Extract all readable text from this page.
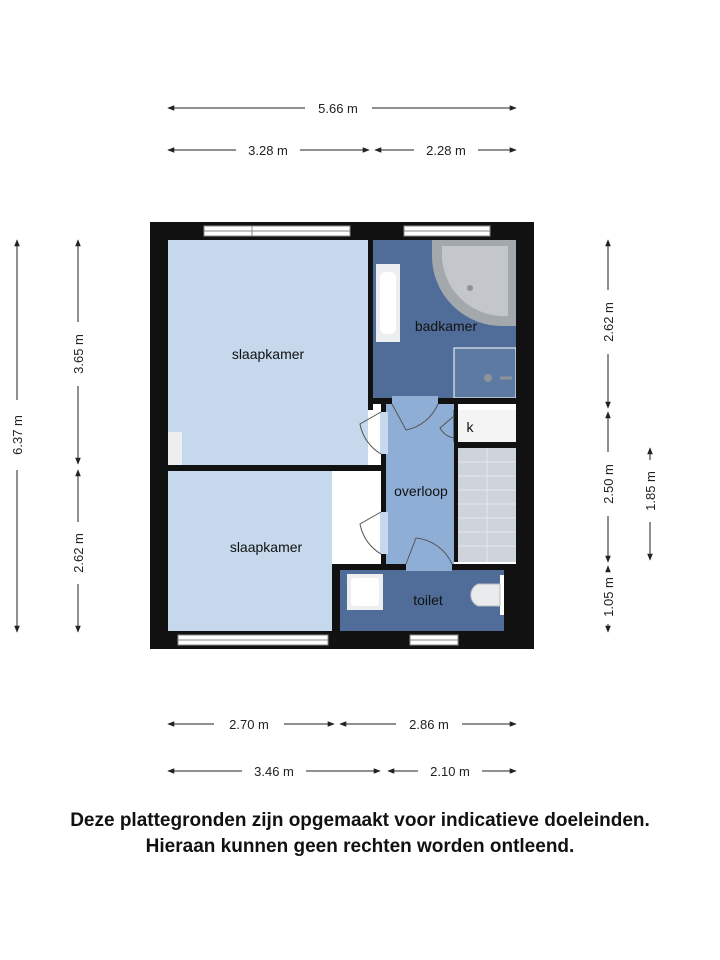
5.66 m
3.28 m	2.28 m
6.37 m
3.65 m
2.62 m
2.62 m
2.50 m
1.05 m
1.85 m
2.70 m	2.86 m
3.46 m	2.10 m
slaapkamer
slaapkamer
badkamer
overloop
toilet
k
Deze plattegronden zijn opgemaakt voor indicatieve doeleinden.
Hieraan kunnen geen rechten worden ontleend.
